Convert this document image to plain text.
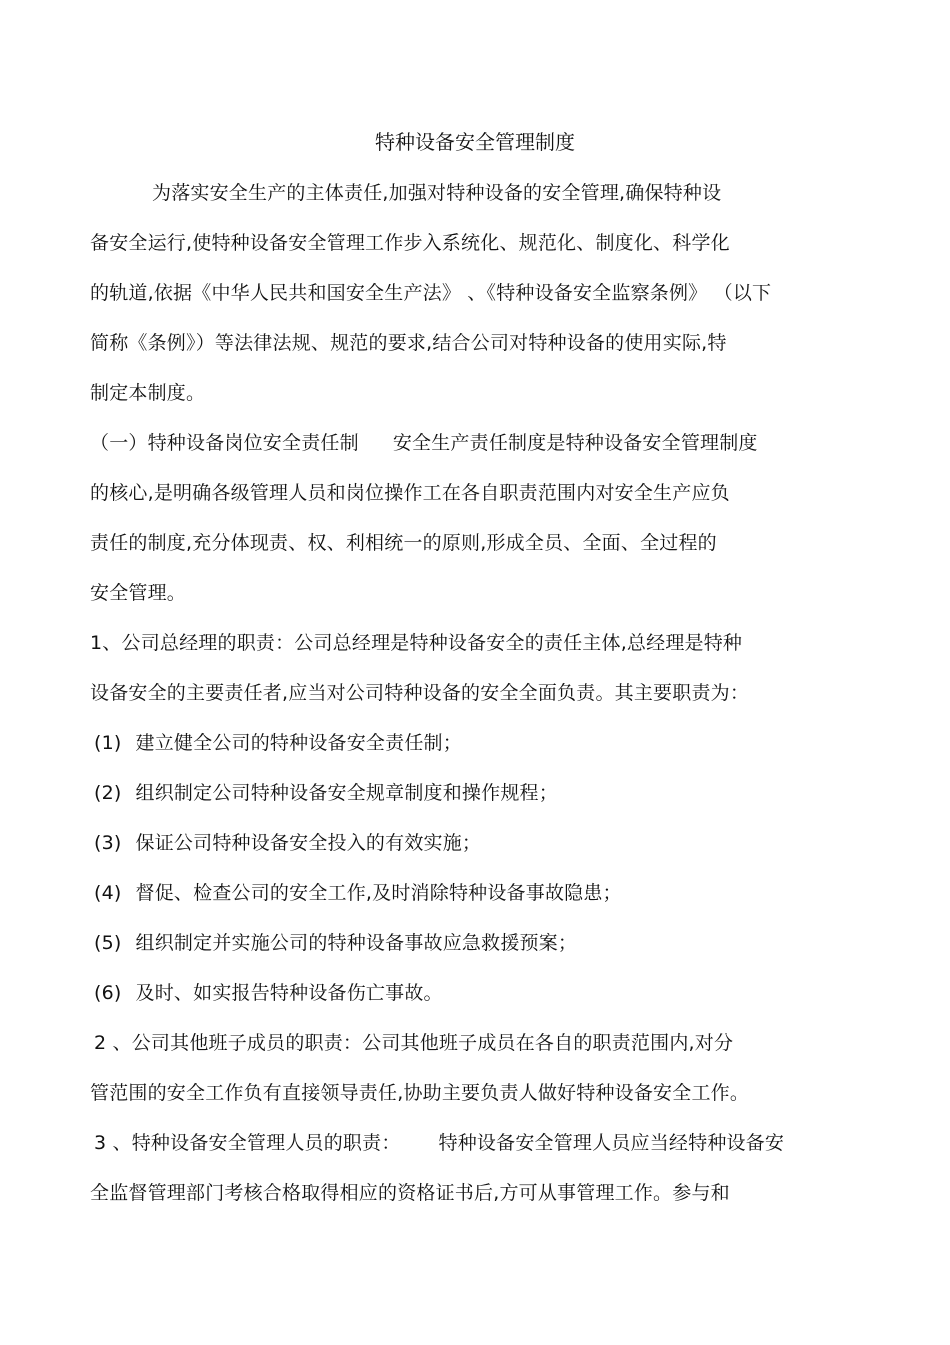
特种设备安全管理制度
为落实安全生产的主体责任,加强对特种设备的安全管理,确保特种设
备安全运行,使特种设备安全管理工作步入系统化、规范化、制度化、科学化
的轨道,依据《中华人民共和国安全生产法》 、《特种设备安全监察条例》 （以下
简称《条例》）等法律法规、规范的要求,结合公司对特种设备的使用实际,特
制定本制度。
（一）特种设备岗位安全责任制 安全生产责任制度是特种设备安全管理制度
的核心,是明确各级管理人员和岗位操作工在各自职责范围内对安全生产应负
责任的制度,充分体现责、权、利相统一的原则,形成全员、全面、全过程的
安全管理。
1、公司总经理的职责：公司总经理是特种设备安全的责任主体,总经理是特种
设备安全的主要责任者,应当对公司特种设备的安全全面负责。其主要职责为：
(1) 建立健全公司的特种设备安全责任制；
(2) 组织制定公司特种设备安全规章制度和操作规程；
(3) 保证公司特种设备安全投入的有效实施；
(4) 督促、检查公司的安全工作,及时消除特种设备事故隐患；
(5) 组织制定并实施公司的特种设备事故应急救援预案；
(6) 及时、如实报告特种设备伤亡事故。
2 、公司其他班子成员的职责：公司其他班子成员在各自的职责范围内,对分
管范围的安全工作负有直接领导责任,协助主要负责人做好特种设备安全工作。
3 、特种设备安全管理人员的职责： 特种设备安全管理人员应当经特种设备安
全监督管理部门考核合格取得相应的资格证书后,方可从事管理工作。参与和
